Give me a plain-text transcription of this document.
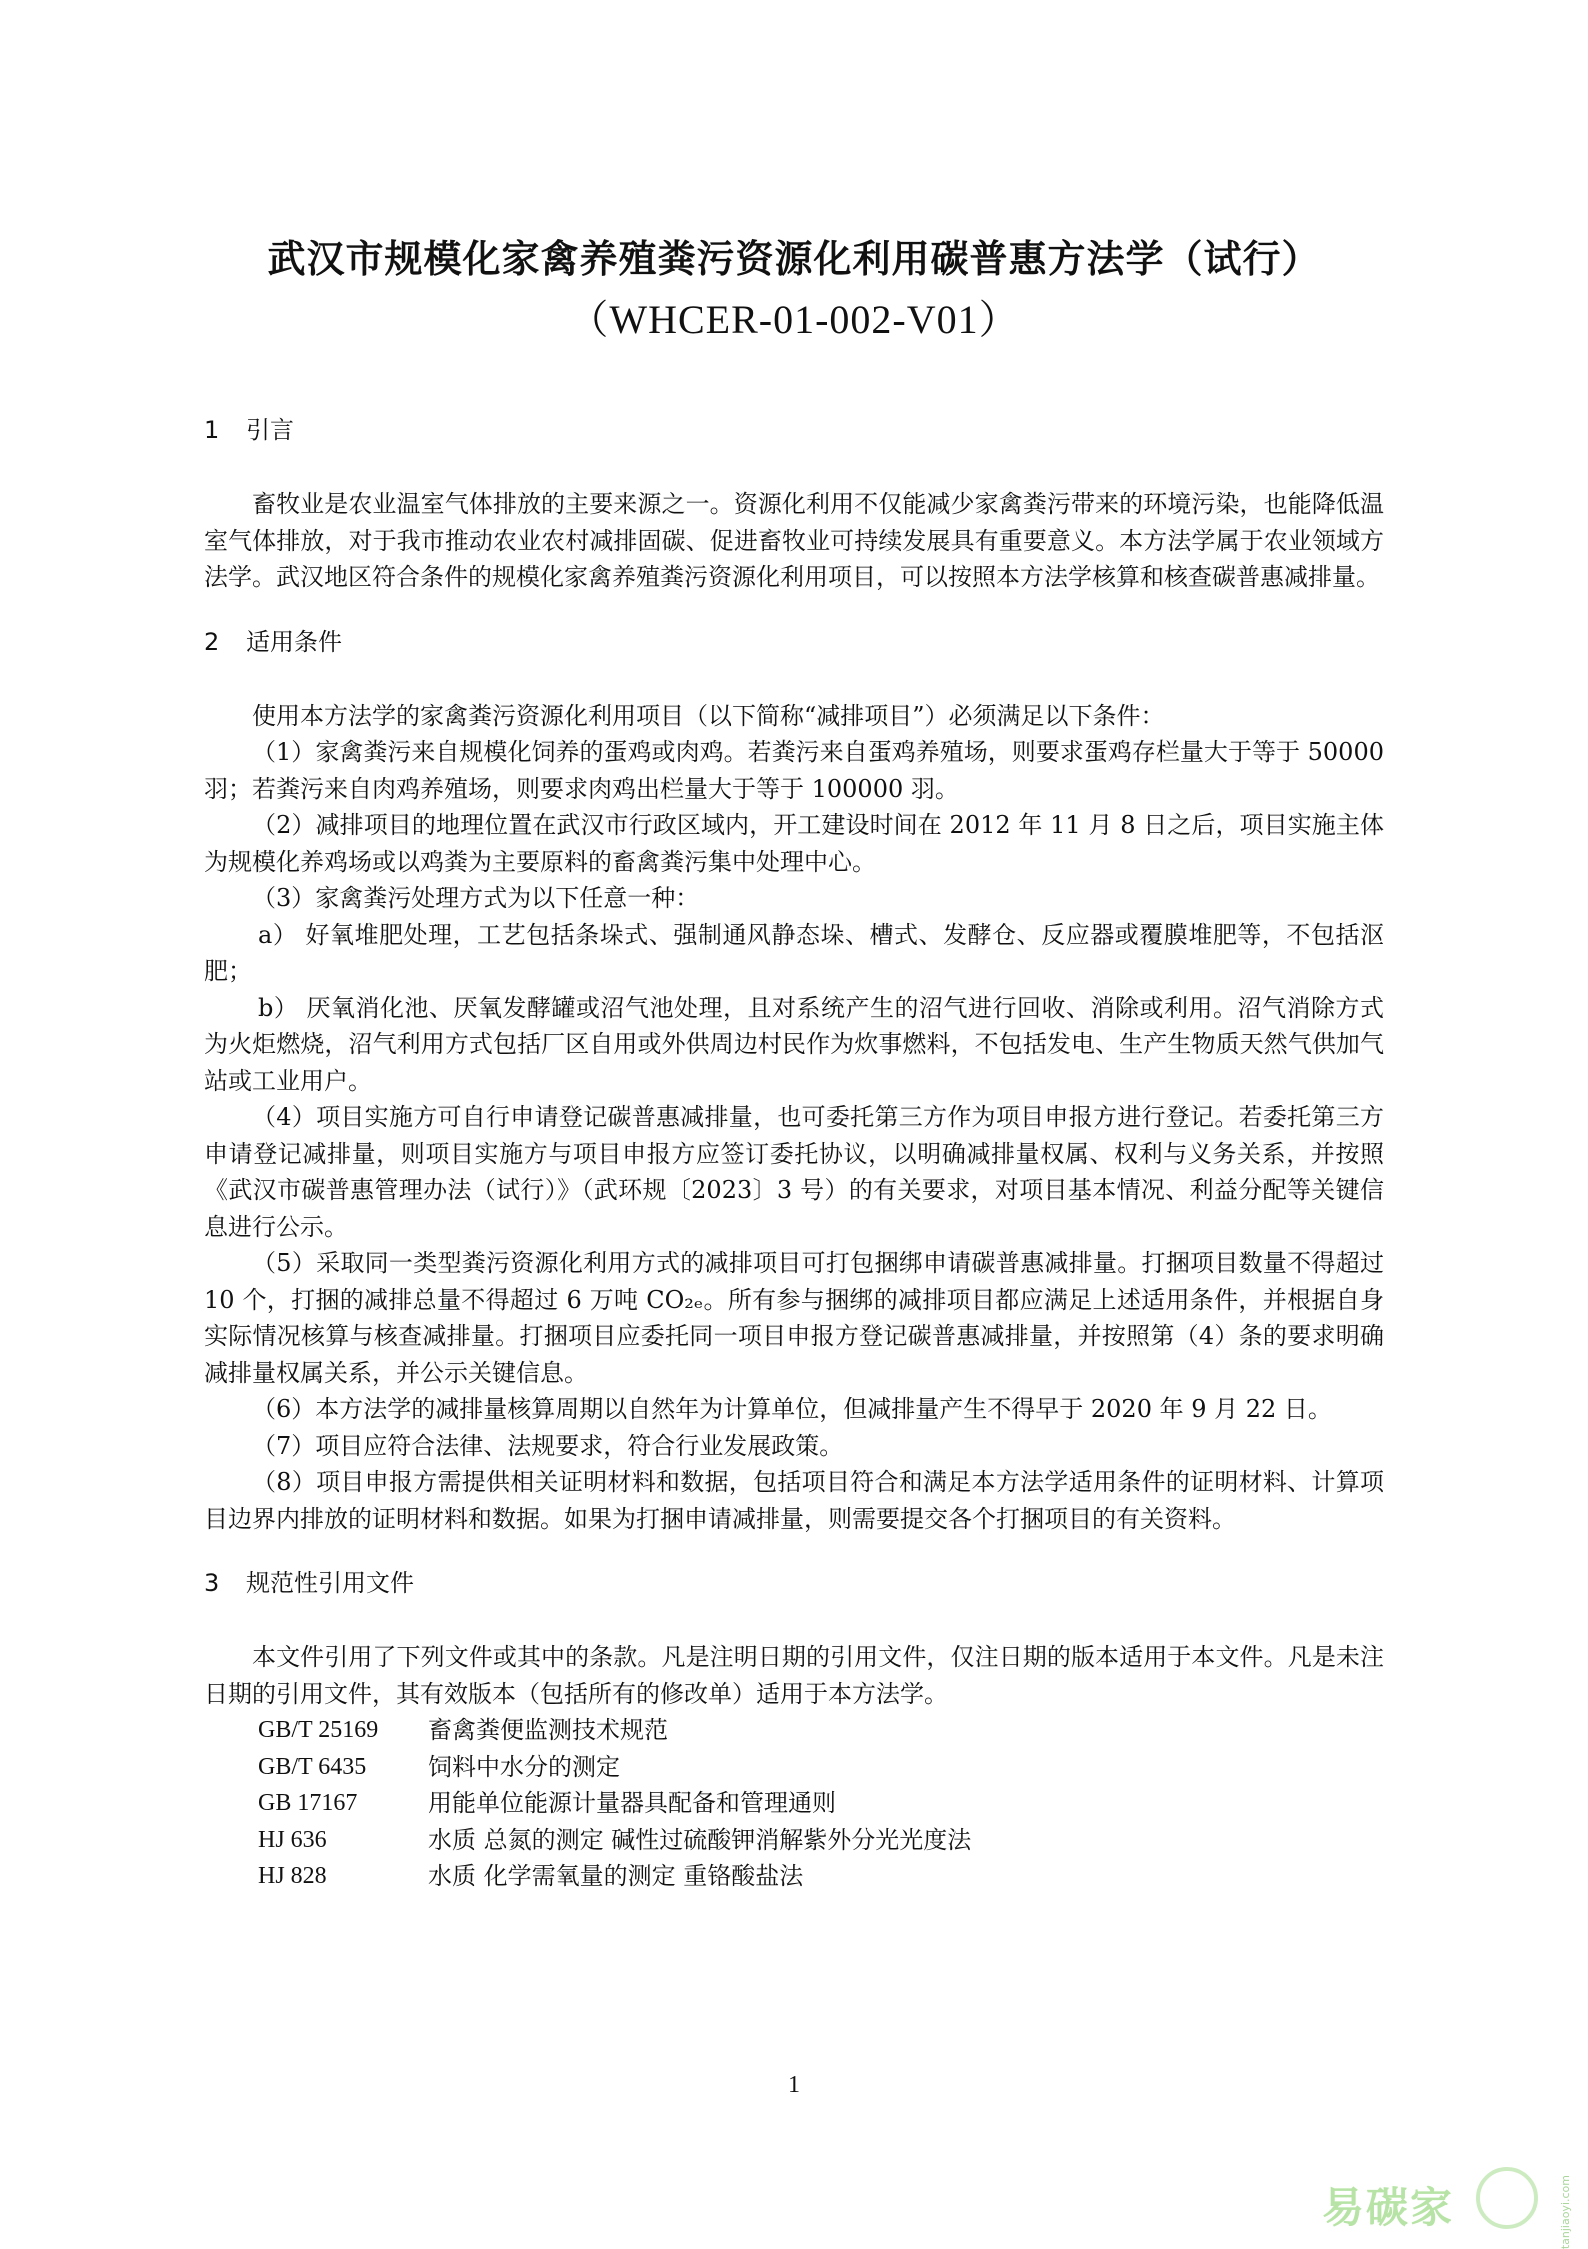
武汉市规模化家禽养殖粪污资源化利用碳普惠方法学（试行）
（WHCER-01-002-V01）
1 引言

畜牧业是农业温室气体排放的主要来源之一。资源化利用不仅能减少家禽粪污带来的环境污染，也能降低温室气体排放，对于我市推动农业农村减排固碳、促进畜牧业可持续发展具有重要意义。本方法学属于农业领域方法学。武汉地区符合条件的规模化家禽养殖粪污资源化利用项目，可以按照本方法学核算和核查碳普惠减排量。

2 适用条件

使用本方法学的家禽粪污资源化利用项目（以下简称“减排项目”）必须满足以下条件：

（1）家禽粪污来自规模化饲养的蛋鸡或肉鸡。若粪污来自蛋鸡养殖场，则要求蛋鸡存栏量大于等于 50000 羽；若粪污来自肉鸡养殖场，则要求肉鸡出栏量大于等于 100000 羽。

（2）减排项目的地理位置在武汉市行政区域内，开工建设时间在 2012 年 11 月 8 日之后，项目实施主体为规模化养鸡场或以鸡粪为主要原料的畜禽粪污集中处理中心。

（3）家禽粪污处理方式为以下任意一种：

a） 好氧堆肥处理，工艺包括条垛式、强制通风静态垛、槽式、发酵仓、反应器或覆膜堆肥等，不包括沤肥；

b） 厌氧消化池、厌氧发酵罐或沼气池处理，且对系统产生的沼气进行回收、消除或利用。沼气消除方式为火炬燃烧，沼气利用方式包括厂区自用或外供周边村民作为炊事燃料，不包括发电、生产生物质天然气供加气站或工业用户。

（4）项目实施方可自行申请登记碳普惠减排量，也可委托第三方作为项目申报方进行登记。若委托第三方申请登记减排量，则项目实施方与项目申报方应签订委托协议，以明确减排量权属、权利与义务关系，并按照《武汉市碳普惠管理办法（试行）》（武环规〔2023〕3 号）的有关要求，对项目基本情况、利益分配等关键信息进行公示。

（5）采取同一类型粪污资源化利用方式的减排项目可打包捆绑申请碳普惠减排量。打捆项目数量不得超过 10 个，打捆的减排总量不得超过 6 万吨 CO₂ₑ。所有参与捆绑的减排项目都应满足上述适用条件，并根据自身实际情况核算与核查减排量。打捆项目应委托同一项目申报方登记碳普惠减排量，并按照第（4）条的要求明确减排量权属关系，并公示关键信息。

（6）本方法学的减排量核算周期以自然年为计算单位，但减排量产生不得早于 2020 年 9 月 22 日。

（7）项目应符合法律、法规要求，符合行业发展政策。

（8）项目申报方需提供相关证明材料和数据，包括项目符合和满足本方法学适用条件的证明材料、计算项目边界内排放的证明材料和数据。如果为打捆申请减排量，则需要提交各个打捆项目的有关资料。

3 规范性引用文件

本文件引用了下列文件或其中的条款。凡是注明日期的引用文件，仅注日期的版本适用于本文件。凡是未注日期的引用文件，其有效版本（包括所有的修改单）适用于本方法学。

GB/T 25169	畜禽粪便监测技术规范
GB/T 6435	饲料中水分的测定
GB 17167	用能单位能源计量器具配备和管理通则
HJ 636	水质 总氮的测定 碱性过硫酸钾消解紫外分光光度法
HJ 828	水质 化学需氧量的测定 重铬酸盐法
1
易碳家	tanjiaoyi.com
